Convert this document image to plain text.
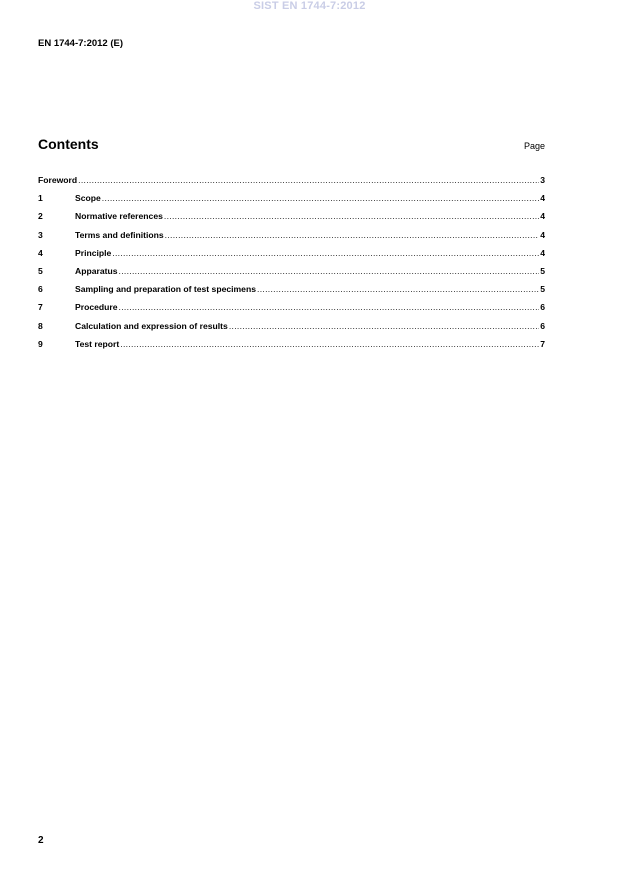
SIST EN 1744-7:2012
EN 1744-7:2012 (E)
Contents	Page
Foreword .....	3
1	Scope .....	4
2	Normative references .....	4
3	Terms and definitions .....	4
4	Principle .....	4
5	Apparatus .....	5
6	Sampling and preparation of test specimens .....	5
7	Procedure .....	6
8	Calculation and expression of results .....	6
9	Test report .....	7
2
